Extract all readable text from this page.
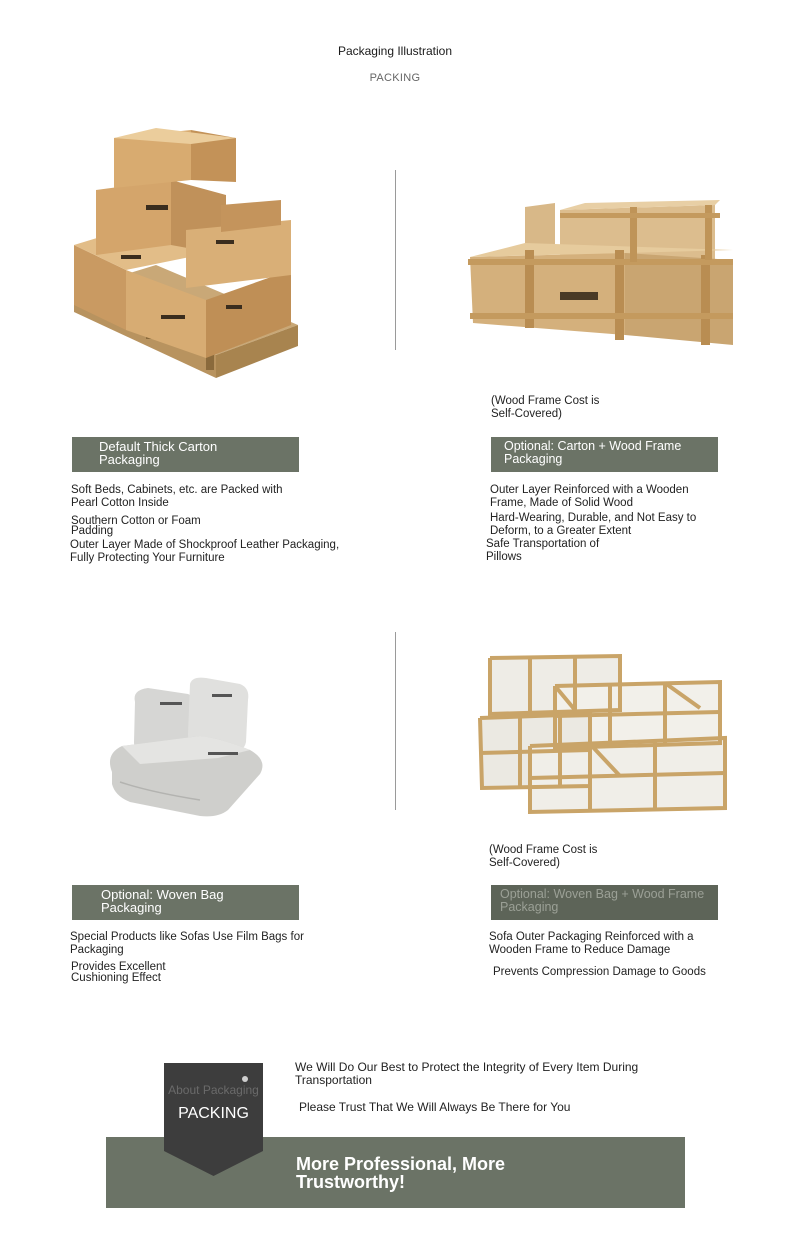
Packaging Illustration
PACKING
Default Thick Carton
Packaging
Soft Beds, Cabinets, etc. are Packed with
Pearl Cotton Inside
Southern Cotton or Foam
Padding
Outer Layer Made of Shockproof Leather Packaging,
Fully Protecting Your Furniture
(Wood Frame Cost is
Self-Covered)
Optional: Carton + Wood Frame
Packaging
Outer Layer Reinforced with a Wooden
Frame, Made of Solid Wood
Hard-Wearing, Durable, and Not Easy to
Deform, to a Greater Extent
Safe Transportation of
Pillows
Optional: Woven Bag
Packaging
Special Products like Sofas Use Film Bags for
Packaging
Provides Excellent
Cushioning Effect
(Wood Frame Cost is
Self-Covered)
Optional: Woven Bag + Wood Frame
Packaging
Sofa Outer Packaging Reinforced with a
Wooden Frame to Reduce Damage
Prevents Compression Damage to Goods
About Packaging
PACKING
We Will Do Our Best to Protect the Integrity of Every Item During
Transportation
Please Trust That We Will Always Be There for You
More Professional, More
Trustworthy!
